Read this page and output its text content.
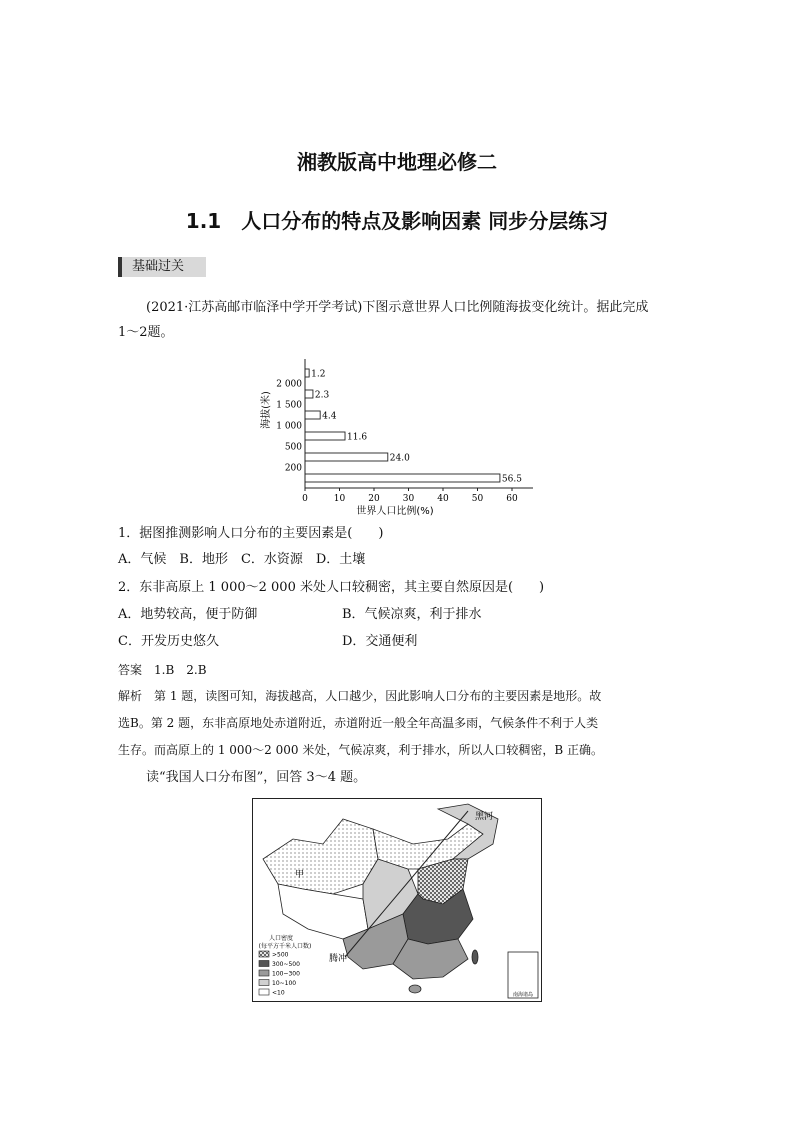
湘教版高中地理必修二
1.1　人口分布的特点及影响因素 同步分层练习
基础过关
(2021·江苏高邮市临泽中学开学考试)下图示意世界人口比例随海拔变化统计。据此完成
1～2题。
56.5
24.0
11.6
4.4
2.3
1.2
0	10	20	30	40	50	60
200
500
1 000
1 500
2 000
海拔(米)
世界人口比例(%)
1．据图推测影响人口分布的主要因素是(　　)
A．气候　B．地形　C．水资源　D．土壤
2．东非高原上 1 000～2 000 米处人口较稠密，其主要自然原因是(　　)
A．地势较高，便于防御	B．气候凉爽，利于排水
C．开发历史悠久	D．交通便利
答案　1.B　2.B
解析　第 1 题，读图可知，海拔越高，人口越少，因此影响人口分布的主要因素是地形。故
选B。第 2 题，东非高原地处赤道附近，赤道附近一般全年高温多雨，气候条件不利于人类
生存。而高原上的 1 000～2 000 米处，气候凉爽，利于排水，所以人口较稠密，B 正确。
读“我国人口分布图”，回答 3～4 题。
南海诸岛
黑河
甲
腾冲
人口密度
(每平方千米人口数)
>500
300~500
100~300
10~100
<10
